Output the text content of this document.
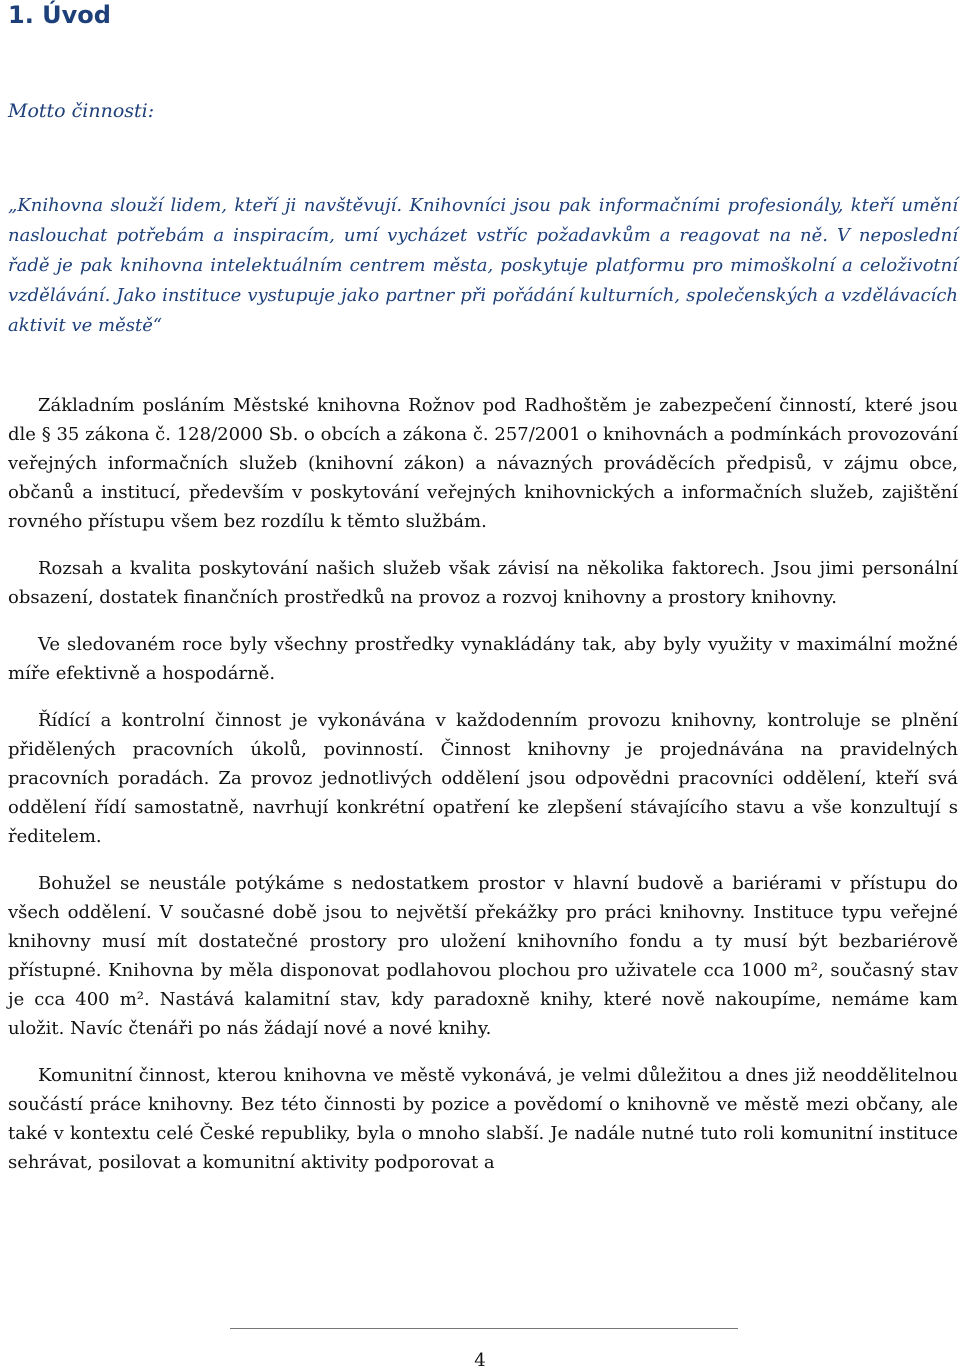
1. Úvod
Motto činnosti:
„Knihovna slouží lidem, kteří ji navštěvují. Knihovníci jsou pak informačními profesionály, kteří umění naslouchat potřebám a inspiracím, umí vycházet vstříc požadavkům a reagovat na ně. V neposlední řadě je pak knihovna intelektuálním centrem města, poskytuje platformu pro mimoškolní a celoživotní vzdělávání. Jako instituce vystupuje jako partner při pořádání kulturních, společenských a vzdělávacích aktivit ve městě“

Základním posláním Městské knihovna Rožnov pod Radhoštěm je zabezpečení činností, které jsou dle § 35 zákona č. 128/2000 Sb. o obcích a zákona č. 257/2001 o knihovnách a podmínkách provozování veřejných informačních služeb (knihovní zákon) a návazných prováděcích předpisů, v zájmu obce, občanů a institucí, především v poskytování veřejných knihovnických a informačních služeb, zajištění rovného přístupu všem bez rozdílu k těmto službám.

Rozsah a kvalita poskytování našich služeb však závisí na několika faktorech. Jsou jimi personální obsazení, dostatek finančních prostředků na provoz a rozvoj knihovny a prostory knihovny.

Ve sledovaném roce byly všechny prostředky vynakládány tak, aby byly využity v maximální možné míře efektivně a hospodárně.

Řídící a kontrolní činnost je vykonávána v každodenním provozu knihovny, kontroluje se plnění přidělených pracovních úkolů, povinností. Činnost knihovny je projednávána na pravidelných pracovních poradách. Za provoz jednotlivých oddělení jsou odpovědni pracovníci oddělení, kteří svá oddělení řídí samostatně, navrhují konkrétní opatření ke zlepšení stávajícího stavu a vše konzultují s ředitelem.

Bohužel se neustále potýkáme s nedostatkem prostor v hlavní budově a bariérami v přístupu do všech oddělení. V současné době jsou to největší překážky pro práci knihovny. Instituce typu veřejné knihovny musí mít dostatečné prostory pro uložení knihovního fondu a ty musí být bezbariérově přístupné. Knihovna by měla disponovat podlahovou plochou pro uživatele cca 1000 m², současný stav je cca 400 m². Nastává kalamitní stav, kdy paradoxně knihy, které nově nakoupíme, nemáme kam uložit. Navíc čtenáři po nás žádají nové a nové knihy.

Komunitní činnost, kterou knihovna ve městě vykonává, je velmi důležitou a dnes již neoddělitelnou součástí práce knihovny. Bez této činnosti by pozice a povědomí o knihovně ve městě mezi občany, ale také v kontextu celé České republiky, byla o mnoho slabší. Je nadále nutné tuto roli komunitní instituce sehrávat, posilovat a komunitní aktivity podporovat a

4
